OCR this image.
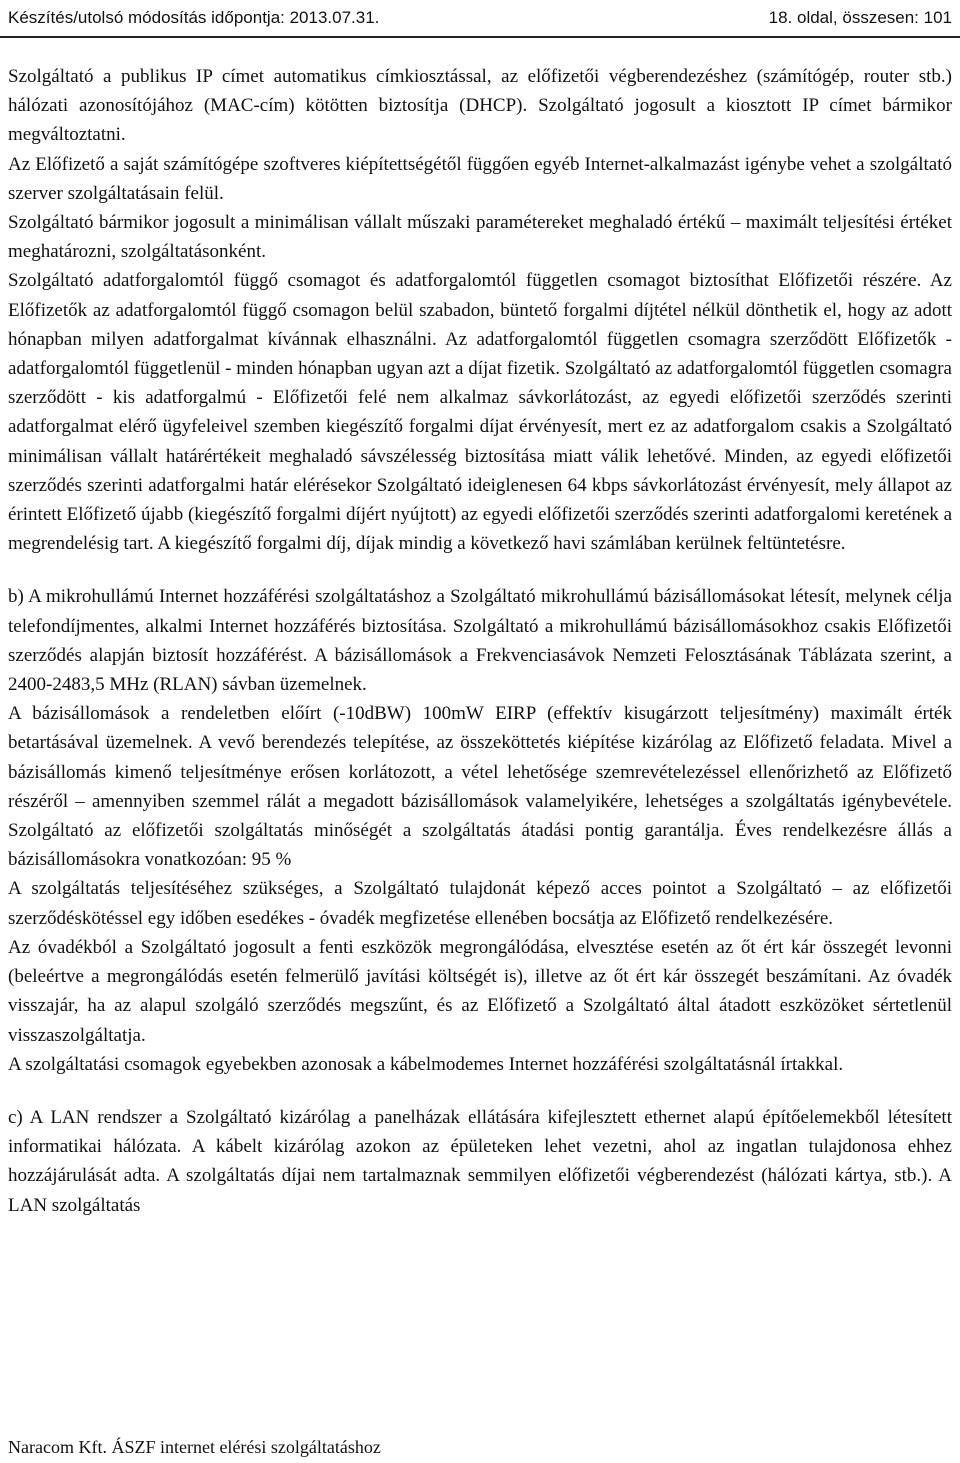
Készítés/utolsó módosítás időpontja: 2013.07.31.	18. oldal, összesen: 101

Szolgáltató a publikus IP címet automatikus címkiosztással, az előfizetői végberendezéshez (számítógép, router stb.) hálózati azonosítójához (MAC-cím) kötötten biztosítja (DHCP). Szolgáltató jogosult a kiosztott IP címet bármikor megváltoztatni.

Az Előfizető a saját számítógépe szoftveres kiépítettségétől függően egyéb Internet-alkalmazást igénybe vehet a szolgáltató szerver szolgáltatásain felül.

Szolgáltató bármikor jogosult a minimálisan vállalt műszaki paramétereket meghaladó értékű – maximált teljesítési értéket meghatározni, szolgáltatásonként.

Szolgáltató adatforgalomtól függő csomagot és adatforgalomtól független csomagot biztosíthat Előfizetői részére. Az Előfizetők az adatforgalomtól függő csomagon belül szabadon, büntető forgalmi díjtétel nélkül dönthetik el, hogy az adott hónapban milyen adatforgalmat kívánnak elhasználni. Az adatforgalomtól független csomagra szerződött Előfizetők - adatforgalomtól függetlenül - minden hónapban ugyan azt a díjat fizetik. Szolgáltató az adatforgalomtól független csomagra szerződött - kis adatforgalmú - Előfizetői felé nem alkalmaz sávkorlátozást, az egyedi előfizetői szerződés szerinti adatforgalmat elérő ügyfeleivel szemben kiegészítő forgalmi díjat érvényesít, mert ez az adatforgalom csakis a Szolgáltató minimálisan vállalt határértékeit meghaladó sávszélesség biztosítása miatt válik lehetővé. Minden, az egyedi előfizetői szerződés szerinti adatforgalmi határ elérésekor Szolgáltató ideiglenesen 64 kbps sávkorlátozást érvényesít, mely állapot az érintett Előfizető újabb (kiegészítő forgalmi díjért nyújtott) az egyedi előfizetői szerződés szerinti adatforgalomi keretének a megrendelésig tart. A kiegészítő forgalmi díj, díjak mindig a következő havi számlában kerülnek feltüntetésre.

b) A mikrohullámú Internet hozzáférési szolgáltatáshoz a Szolgáltató mikrohullámú bázisállomásokat létesít, melynek célja telefondíjmentes, alkalmi Internet hozzáférés biztosítása. Szolgáltató a mikrohullámú bázisállomásokhoz csakis Előfizetői szerződés alapján biztosít hozzáférést. A bázisállomások a Frekvenciasávok Nemzeti Felosztásának Táblázata szerint, a 2400-2483,5 MHz (RLAN) sávban üzemelnek.

A bázisállomások a rendeletben előírt (-10dBW) 100mW EIRP (effektív kisugárzott teljesítmény) maximált érték betartásával üzemelnek. A vevő berendezés telepítése, az összeköttetés kiépítése kizárólag az Előfizető feladata. Mivel a bázisállomás kimenő teljesítménye erősen korlátozott, a vétel lehetősége szemrevételezéssel ellenőrizhető az Előfizető részéről – amennyiben szemmel rálát a megadott bázisállomások valamelyikére, lehetséges a szolgáltatás igénybevétele. Szolgáltató az előfizetői szolgáltatás minőségét a szolgáltatás átadási pontig garantálja. Éves rendelkezésre állás a bázisállomásokra vonatkozóan: 95 %

A szolgáltatás teljesítéséhez szükséges, a Szolgáltató tulajdonát képező acces pointot a Szolgáltató – az előfizetői szerződéskötéssel egy időben esedékes - óvadék megfizetése ellenében bocsátja az Előfizető rendelkezésére.

Az óvadékból a Szolgáltató jogosult a fenti eszközök megrongálódása, elvesztése esetén az őt ért kár összegét levonni (beleértve a megrongálódás esetén felmerülő javítási költségét is), illetve az őt ért kár összegét beszámítani. Az óvadék visszajár, ha az alapul szolgáló szerződés megszűnt, és az Előfizető a Szolgáltató által átadott eszközöket sértetlenül visszaszolgáltatja.

A szolgáltatási csomagok egyebekben azonosak a kábelmodemes Internet hozzáférési szolgáltatásnál írtakkal.

c) A LAN rendszer a Szolgáltató kizárólag a panelházak ellátására kifejlesztett ethernet alapú építőelemekből létesített informatikai hálózata. A kábelt kizárólag azokon az épületeken lehet vezetni, ahol az ingatlan tulajdonosa ehhez hozzájárulását adta. A szolgáltatás díjai nem tartalmaznak semmilyen előfizetői végberendezést (hálózati kártya, stb.). A LAN szolgáltatás

Naracom Kft. ÁSZF internet elérési szolgáltatáshoz
